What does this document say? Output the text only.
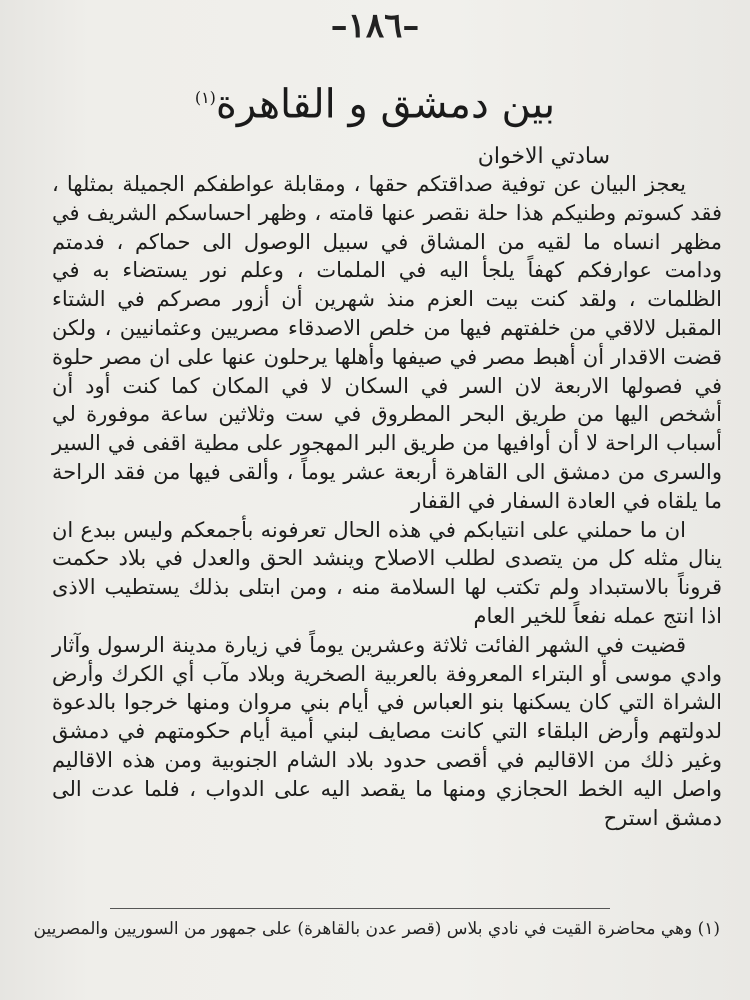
–١٨٦–
بين دمشق و القاهرة$^{(١)}$
سادتي الاخوان

يعجز البيان عن توفية صداقتكم حقها ، ومقابلة عواطفكم الجميلة بمثلها ، فقد كسوتم وطنيكم هذا حلة نقصر عنها قامته ، وظهر احساسكم الشريف في مظهر انساه ما لقيه من المشاق في سبيل الوصول الى حماكم ، فدمتم ودامت عوارفكم كهفاً يلجأ اليه في الملمات ، وعلم نور يستضاء به في الظلمات ، ولقد كنت بيت العزم منذ شهرين أن أزور مصركم في الشتاء المقبل لالاقي من خلفتهم فيها من خلص الاصدقاء مصريين وعثمانيين ، ولكن قضت الاقدار أن أهبط مصر في صيفها وأهلها يرحلون عنها على ان مصر حلوة في فصولها الاربعة لان السر في السكان لا في المكان كما كنت أود أن أشخص اليها من طريق البحر المطروق في ست وثلاثين ساعة موفورة لي أسباب الراحة لا أن أوافيها من طريق البر المهجور على مطية اقفى في السير والسرى من دمشق الى القاهرة أربعة عشر يوماً ، وألقى فيها من فقد الراحة ما يلقاه في العادة السفار في القفار

ان ما حملني على انتيابكم في هذه الحال تعرفونه بأجمعكم وليس ببدع ان ينال مثله كل من يتصدى لطلب الاصلاح وينشد الحق والعدل في بلاد حكمت قروناً بالاستبداد ولم تكتب لها السلامة منه ، ومن ابتلى بذلك يستطيب الاذى اذا انتج عمله نفعاً للخير العام

قضيت في الشهر الفائت ثلاثة وعشرين يوماً في زيارة مدينة الرسول وآثار وادي موسى أو البتراء المعروفة بالعربية الصخرية وبلاد مآب أي الكرك وأرض الشراة التي كان يسكنها بنو العباس في أيام بني مروان ومنها خرجوا بالدعوة لدولتهم وأرض البلقاء التي كانت مصايف لبني أمية أيام حكومتهم في دمشق وغير ذلك من الاقاليم في أقصى حدود بلاد الشام الجنوبية ومن هذه الاقاليم واصل اليه الخط الحجازي ومنها ما يقصد اليه على الدواب ، فلما عدت الى دمشق استرح

(١) وهي محاضرة القيت في نادي بلاس (قصر عدن بالقاهرة) على جمهور من السوريين والمصريين
